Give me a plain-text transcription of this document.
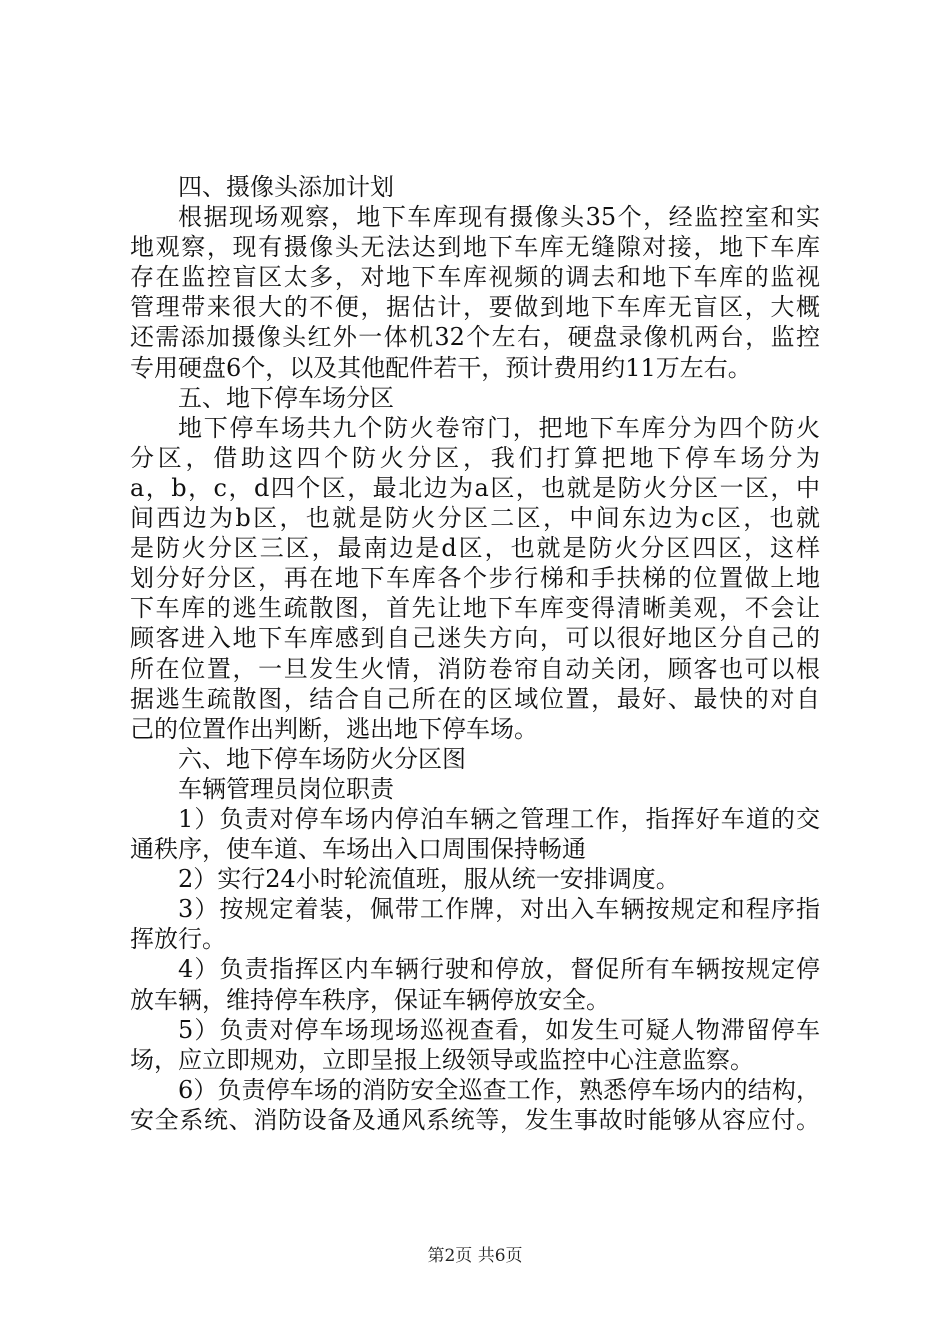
四、摄像头添加计划
根据现场观察，地下车库现有摄像头35个，经监控室和实
地观察，现有摄像头无法达到地下车库无缝隙对接，地下车库
存在监控盲区太多，对地下车库视频的调去和地下车库的监视
管理带来很大的不便，据估计，要做到地下车库无盲区，大概
还需添加摄像头红外一体机32个左右，硬盘录像机两台，监控
专用硬盘6个，以及其他配件若干，预计费用约11万左右。
五、地下停车场分区
地下停车场共九个防火卷帘门，把地下车库分为四个防火
分区，借助这四个防火分区，我们打算把地下停车场分为
a，b，c，d四个区，最北边为a区，也就是防火分区一区，中
间西边为b区，也就是防火分区二区，中间东边为c区，也就
是防火分区三区，最南边是d区，也就是防火分区四区，这样
划分好分区，再在地下车库各个步行梯和手扶梯的位置做上地
下车库的逃生疏散图，首先让地下车库变得清晰美观，不会让
顾客进入地下车库感到自己迷失方向，可以很好地区分自己的
所在位置，一旦发生火情，消防卷帘自动关闭，顾客也可以根
据逃生疏散图，结合自己所在的区域位置，最好、最快的对自
己的位置作出判断，逃出地下停车场。
六、地下停车场防火分区图
车辆管理员岗位职责
1）负责对停车场内停泊车辆之管理工作，指挥好车道的交
通秩序，使车道、车场出入口周围保持畅通
2）实行24小时轮流值班，服从统一安排调度。
3）按规定着装，佩带工作牌，对出入车辆按规定和程序指
挥放行。
4）负责指挥区内车辆行驶和停放，督促所有车辆按规定停
放车辆，维持停车秩序，保证车辆停放安全。
5）负责对停车场现场巡视查看，如发生可疑人物滞留停车
场，应立即规劝，立即呈报上级领导或监控中心注意监察。
6）负责停车场的消防安全巡查工作，熟悉停车场内的结构，
安全系统、消防设备及通风系统等，发生事故时能够从容应付。
第2页 共6页
